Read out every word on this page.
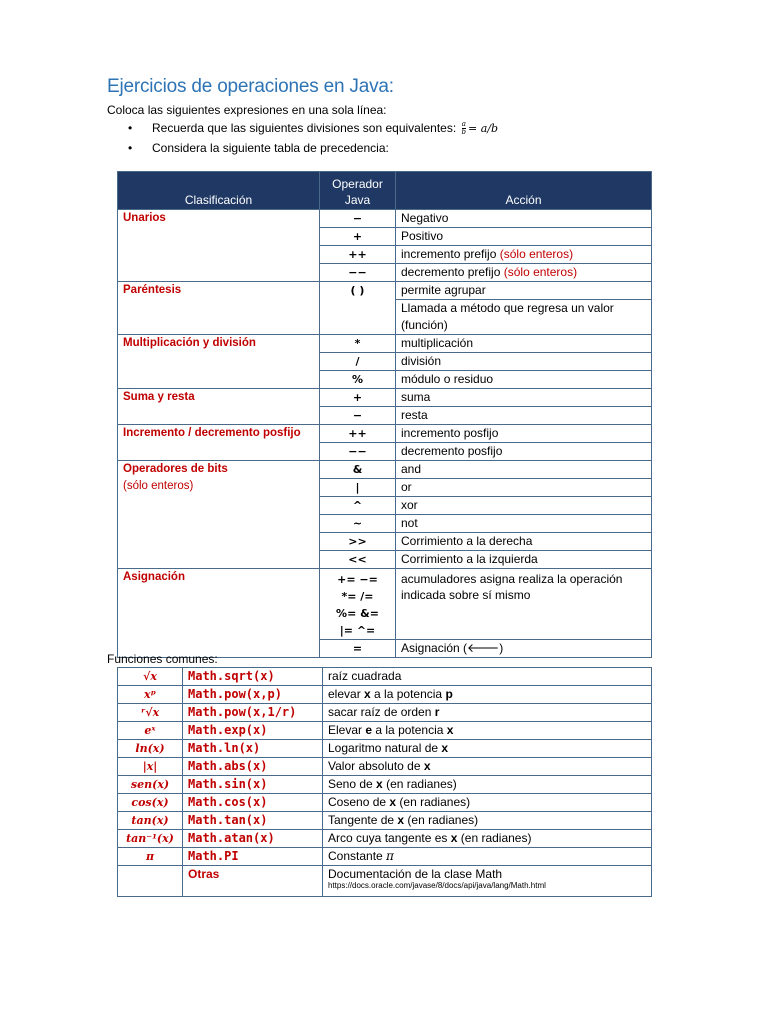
Ejercicios de operaciones en Java:
Coloca las siguientes expresiones en una sola línea:
• Recuerda que las siguientes divisiones son equivalentes: $\frac{a}{b} = a/b$
• Considera la siguiente tabla de precedencia:
Clasificación	Operador Java	Acción
Unarios	−	Negativo
	+	Positivo
	++	incremento prefijo (sólo enteros)
	−−	decremento prefijo (sólo enteros)
Paréntesis	( )	permite agrupar
		Llamada a método que regresa un valor (función)
Multiplicación y división	*	multiplicación
	/	división
	%	módulo o residuo
Suma y resta	+	suma
	−	resta
Incremento / decremento posfijo	++	incremento posfijo
	−−	decremento posfijo
Operadores de bits
(sólo enteros)	&	and
	|	or
	^	xor
	~	not
	>>	Corrimiento a la derecha
	<<	Corrimiento a la izquierda
Asignación	+= −=
*= /=
%= &=
|= ^=	acumuladores asigna realiza la operación indicada sobre sí mismo
	=	Asignación (🡐)
Funciones comunes:
√x	Math.sqrt(x)	raíz cuadrada
xᵖ	Math.pow(x,p)	elevar x a la potencia p
ʳ√x	Math.pow(x,1/r)	sacar raíz de orden r
eˣ	Math.exp(x)	Elevar e a la potencia x
ln(x)	Math.ln(x)	Logaritmo natural de x
|x|	Math.abs(x)	Valor absoluto de x
sen(x)	Math.sin(x)	Seno de x (en radianes)
cos(x)	Math.cos(x)	Coseno de x (en radianes)
tan(x)	Math.tan(x)	Tangente de x (en radianes)
tan⁻¹(x)	Math.atan(x)	Arco cuya tangente es x (en radianes)
π	Math.PI	Constante π
	Otras	Documentación de la clase Math
https://docs.oracle.com/javase/8/docs/api/java/lang/Math.html
